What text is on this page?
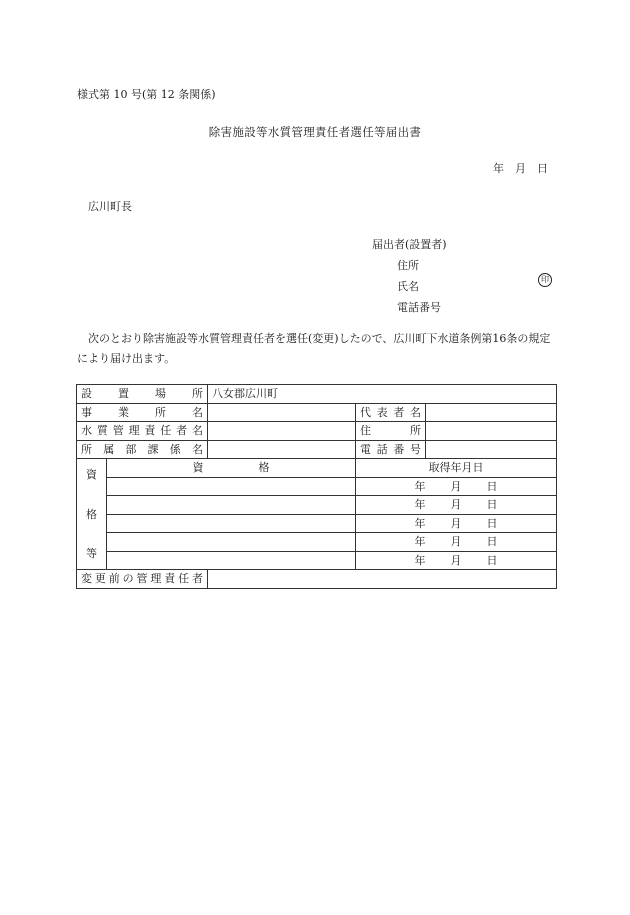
様式第 10 号(第 12 条関係)
除害施設等水質管理責任者選任等届出書
年　月　日
広川町長
届出者(設置者)
住所
氏名
電話番号
印
次のとおり除害施設等水質管理責任者を選任(変更)したので、広川町下水道条例第16条の規定により届け出ます。
設置場所		八女郡広川町		
事業所名			代表者名	
水質管理責任者名			住所	
所属部課係名			電話番号	

資
格
等	資　　　　　格		取得年月日	
			年 月 日	
			年 月 日	
			年 月 日	
			年 月 日	
			年 月 日	
変更前の管理責任者				
